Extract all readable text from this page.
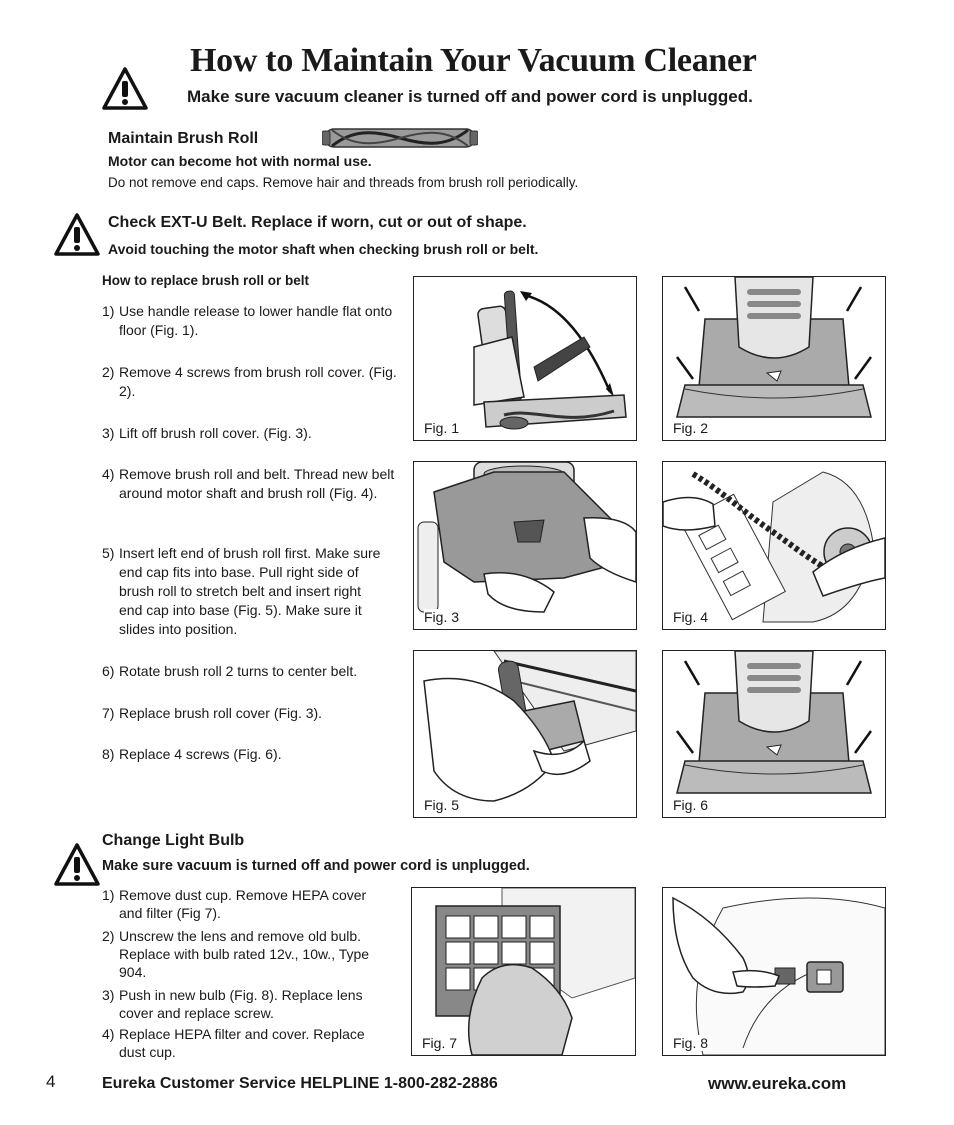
How to Maintain Your Vacuum Cleaner
Make sure vacuum cleaner is turned off and power cord is unplugged.
Maintain Brush Roll
Motor can become hot with normal use.
Do not remove end caps. Remove hair and threads from brush roll periodically.
Check EXT-U Belt. Replace if worn, cut or out of shape.
Avoid touching the motor shaft when checking brush roll or belt.
How to replace brush roll or belt
1) Use handle release to lower handle flat onto floor (Fig. 1).
2) Remove 4 screws from brush roll cover. (Fig. 2).
3) Lift off brush roll cover. (Fig. 3).
4) Remove brush roll and belt. Thread new belt around motor shaft and brush roll (Fig. 4).
5) Insert left end of brush roll first. Make sure end cap fits into base. Pull right side of brush roll to stretch belt and insert right end cap into base (Fig. 5). Make sure it slides into position.
6) Rotate brush roll 2 turns to center belt.
7) Replace brush roll cover (Fig. 3).
8) Replace 4 screws (Fig. 6).
Fig. 1	Fig. 2
Fig. 3	Fig. 4
Fig. 5	Fig. 6
Change Light Bulb
Make sure vacuum is turned off and power cord is unplugged.
1) Remove dust cup. Remove HEPA cover and filter (Fig 7).
2) Unscrew the lens and remove old bulb. Replace with bulb rated 12v., 10w., Type 904.
3) Push in new bulb (Fig. 8). Replace lens cover and replace screw.
4) Replace HEPA filter and cover. Replace dust cup.
Fig. 7	Fig. 8
4	Eureka Customer Service HELPLINE 1-800-282-2886	www.eureka.com
